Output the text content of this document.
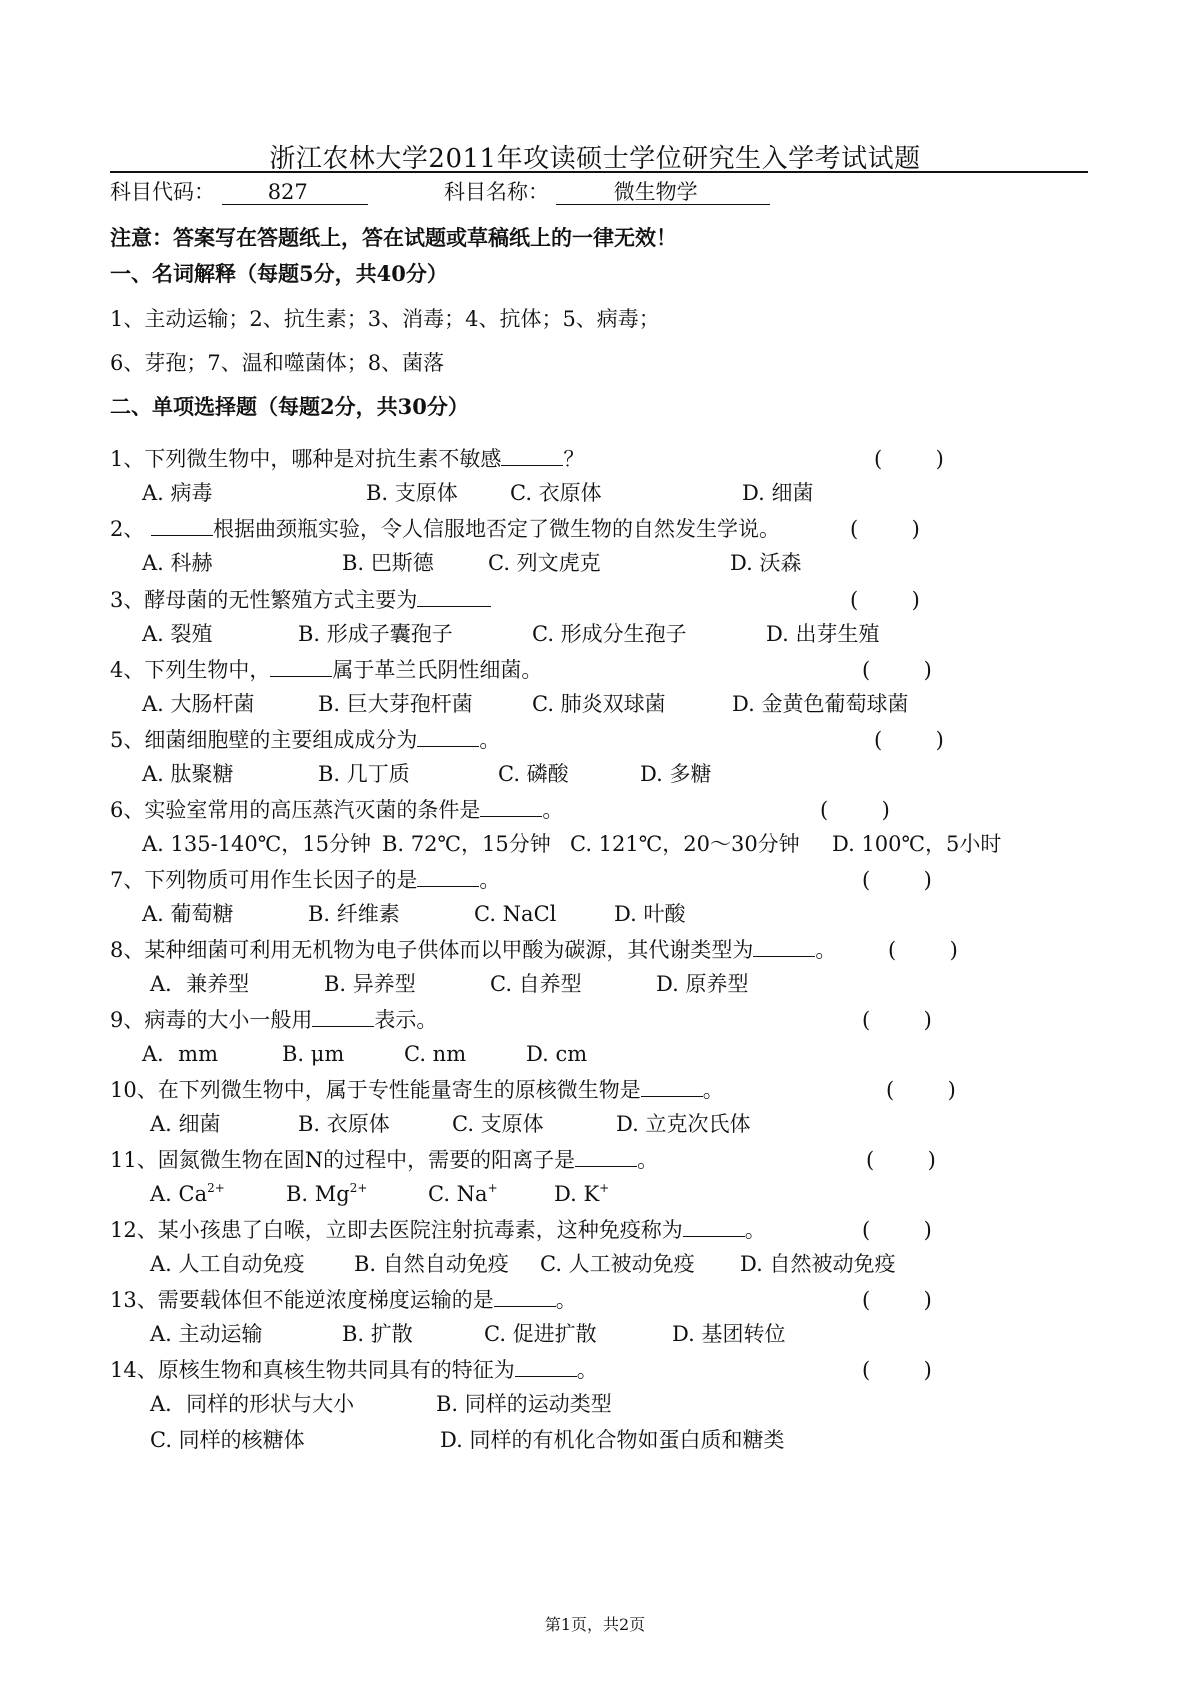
浙江农林大学2011年攻读硕士学位研究生入学考试试题
科目代码：	827	科目名称：	微生物学
注意：答案写在答题纸上，答在试题或草稿纸上的一律无效！
一、名词解释（每题5分，共40分）
1、主动运输；2、抗生素；3、消毒；4、抗体；5、病毒；
6、芽孢；7、温和噬菌体；8、菌落
二、单项选择题（每题2分，共30分）
1、下列微生物中，哪种是对抗生素不敏感	？	(        )
A. 病毒	B. 支原体 C. 衣原体	D. 细菌
2、	根据曲颈瓶实验，令人信服地否定了微生物的自然发生学说。	(        )
A. 科赫	B. 巴斯德	C. 列文虎克	D. 沃森
3、酵母菌的无性繁殖方式主要为	(        )
A. 裂殖	B. 形成子囊孢子	C. 形成分生孢子	D. 出芽生殖
4、下列生物中，	属于革兰氏阴性细菌。	(        )
A. 大肠杆菌	B. 巨大芽孢杆菌	C. 肺炎双球菌	D. 金黄色葡萄球菌
5、细菌细胞壁的主要组成成分为	。	(        )
A. 肽聚糖	B. 几丁质	C. 磷酸	D. 多糖
6、实验室常用的高压蒸汽灭菌的条件是	。	(        )
A. 135-140℃，15分钟 B. 72℃，15分钟 C. 121℃，20～30分钟 D. 100℃，5小时
7、下列物质可用作生长因子的是	。	(        )
A. 葡萄糖	B. 纤维素	C. NaCl	D. 叶酸
8、某种细菌可利用无机物为电子供体而以甲酸为碳源，其代谢类型为	。 (        )
A．兼养型	B. 异养型	C. 自养型	D. 原养型
9、病毒的大小一般用	表示。	(        )
A．mm	B. μm	C. nm	D. cm
10、在下列微生物中，属于专性能量寄生的原核微生物是	。	(        )
A. 细菌	B. 衣原体	C. 支原体	D. 立克次氏体
11、固氮微生物在固N的过程中，需要的阳离子是	。	(        )
A. $Ca^{2+}$	B. $Mg^{2+}$	C. Na+	D. K+
12、某小孩患了白喉，立即去医院注射抗毒素，这种免疫称为	。	(        )
A. 人工自动免疫 B. 自然自动免疫 C. 人工被动免疫 D. 自然被动免疫
13、需要载体但不能逆浓度梯度运输的是	。	(        )
A. 主动运输	B. 扩散	C. 促进扩散	D. 基团转位
14、原核生物和真核生物共同具有的特征为	。	(        )
A．同样的形状与大小	B. 同样的运动类型
C. 同样的核糖体	D. 同样的有机化合物如蛋白质和糖类
第1页，共2页
